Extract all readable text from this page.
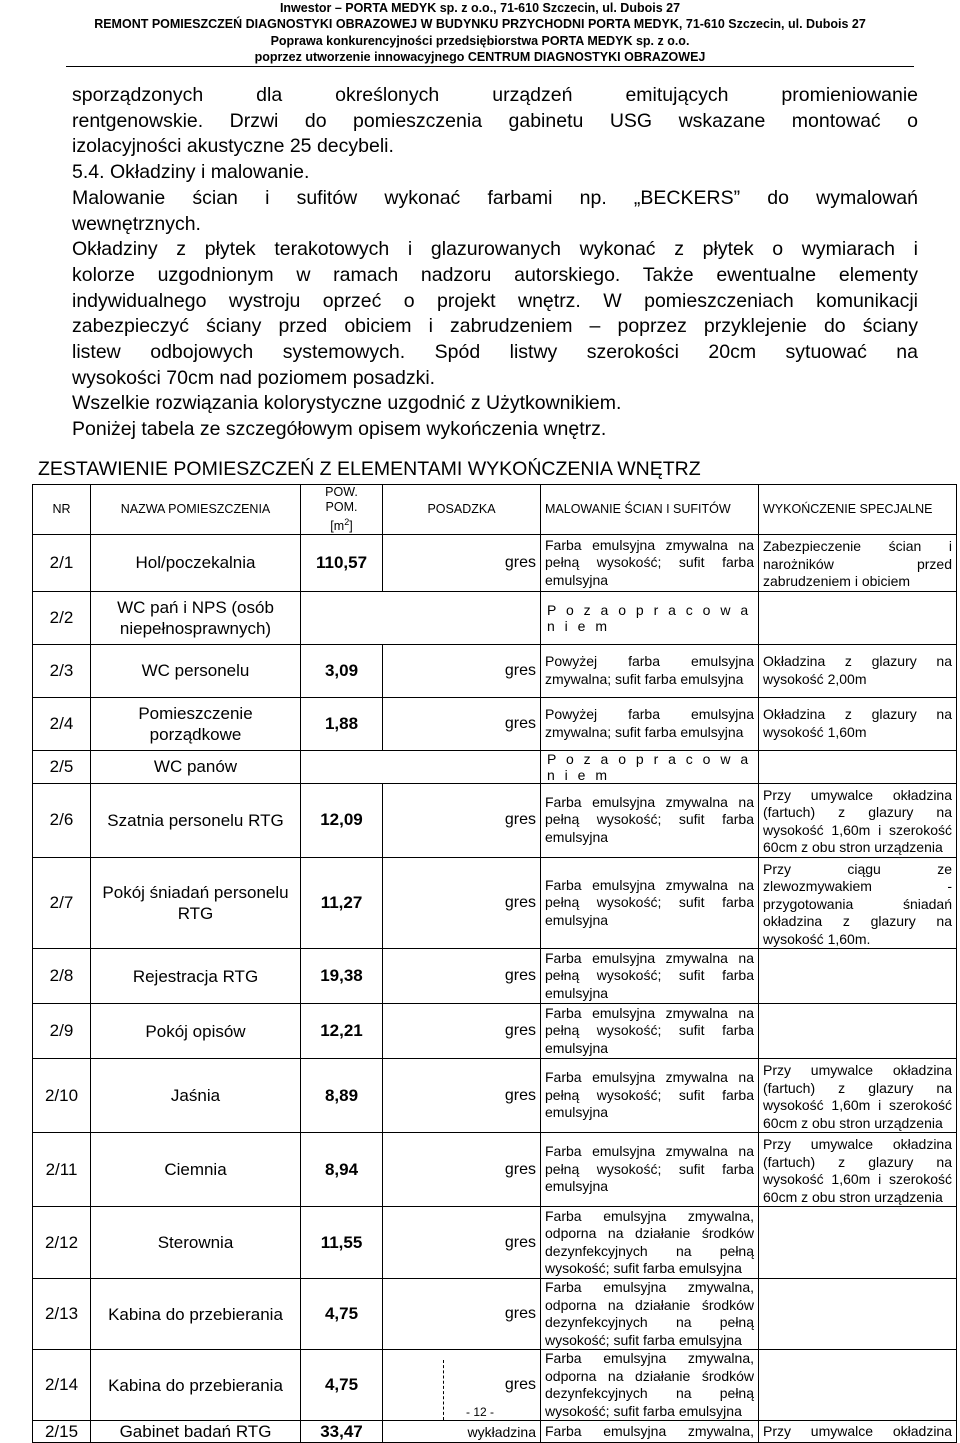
Inwestor – PORTA MEDYK sp. z o.o., 71-610 Szczecin, ul. Dubois 27
REMONT POMIESZCZEŃ DIAGNOSTYKI OBRAZOWEJ W BUDYNKU PRZYCHODNI PORTA MEDYK, 71-610 Szczecin, ul. Dubois 27
Poprawa konkurencyjności przedsiębiorstwa PORTA MEDYK sp. z o.o.
poprzez utworzenie innowacyjnego CENTRUM DIAGNOSTYKI OBRAZOWEJ

sporządzonych dla określonych urządzeń emitujących promieniowanie

rentgenowskie. Drzwi do pomieszczenia gabinetu USG wskazane montować o

izolacyjności akustyczne 25 decybeli.

5.4. Okładziny i malowanie.

Malowanie ścian i sufitów wykonać farbami np. „BECKERS” do wymalowań

wewnętrznych.

Okładziny z płytek terakotowych i glazurowanych wykonać z płytek o wymiarach i

kolorze uzgodnionym w ramach nadzoru autorskiego. Także ewentualne elementy

indywidualnego wystroju oprzeć o projekt wnętrz. W pomieszczeniach komunikacji

zabezpieczyć ściany przed obiciem i zabrudzeniem – poprzez przyklejenie do ściany

listew odbojowych systemowych. Spód listwy szerokości 20cm sytuować na

wysokości 70cm nad poziomem posadzki.

Wszelkie rozwiązania kolorystyczne uzgodnić z Użytkownikiem.

Poniżej tabela ze szczegółowym opisem wykończenia wnętrz.

ZESTAWIENIE POMIESZCZEŃ Z ELEMENTAMI WYKOŃCZENIA WNĘTRZ
NR	NAZWA POMIESZCZENIA	POW.
POM.
$[m^2]$	POSADZKA	MALOWANIE ŚCIAN I SUFITÓW	WYKOŃCZENIE SPECJALNE
2/1	Hol/poczekalnia	110,57	gres	Farba emulsyjna zmywalna na pełną wysokość; sufit farba emulsyjna	Zabezpieczenie ścian i narożników przed zabrudzeniem i obiciem
2/2	WC pań i NPS (osób niepełnosprawnych)			P o z a o p r a c o w a n i e m	
2/3	WC personelu	3,09	gres	Powyżej farba emulsyjna zmywalna; sufit farba emulsyjna	Okładzina z glazury na wysokość 2,00m
2/4	Pomieszczenie porządkowe	1,88	gres	Powyżej farba emulsyjna zmywalna; sufit farba emulsyjna	Okładzina z glazury na wysokość 1,60m
2/5	WC panów			P o z a o p r a c o w a n i e m	
2/6	Szatnia personelu RTG	12,09	gres	Farba emulsyjna zmywalna na pełną wysokość; sufit farba emulsyjna	Przy umywalce okładzina (fartuch) z glazury na wysokość 1,60m i szerokość 60cm z obu stron urządzenia
2/7	Pokój śniadań personelu RTG	11,27	gres	Farba emulsyjna zmywalna na pełną wysokość; sufit farba emulsyjna	Przy ciągu ze zlewozmywakiem - przygotowania śniadań okładzina z glazury na wysokość 1,60m.
2/8	Rejestracja RTG	19,38	gres	Farba emulsyjna zmywalna na pełną wysokość; sufit farba emulsyjna	
2/9	Pokój opisów	12,21	gres	Farba emulsyjna zmywalna na pełną wysokość; sufit farba emulsyjna	
2/10	Jaśnia	8,89	gres	Farba emulsyjna zmywalna na pełną wysokość; sufit farba emulsyjna	Przy umywalce okładzina (fartuch) z glazury na wysokość 1,60m i szerokość 60cm z obu stron urządzenia
2/11	Ciemnia	8,94	gres	Farba emulsyjna zmywalna na pełną wysokość; sufit farba emulsyjna	Przy umywalce okładzina (fartuch) z glazury na wysokość 1,60m i szerokość 60cm z obu stron urządzenia
2/12	Sterownia	11,55	gres	Farba emulsyjna zmywalna, odporna na działanie środków dezynfekcyjnych na pełną wysokość; sufit farba emulsyjna	
2/13	Kabina do przebierania	4,75	gres	Farba emulsyjna zmywalna, odporna na działanie środków dezynfekcyjnych na pełną wysokość; sufit farba emulsyjna	
2/14	Kabina do przebierania	4,75	gres	Farba emulsyjna zmywalna, odporna na działanie środków dezynfekcyjnych na pełną wysokość; sufit farba emulsyjna	
2/15	Gabinet badań RTG	33,47	wykładzina	Farba emulsyjna zmywalna,	Przy umywalce okładzina
- 12 -
